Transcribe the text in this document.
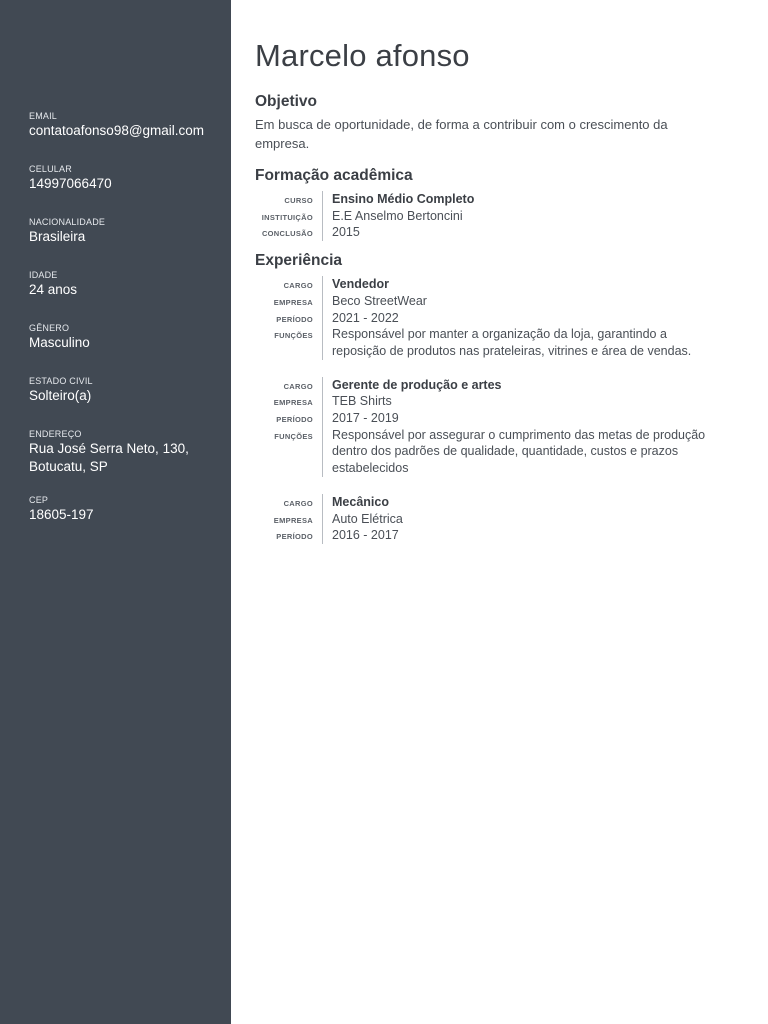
EMAIL
contatoafonso98@gmail.com
CELULAR
14997066470
NACIONALIDADE
Brasileira
IDADE
24 anos
GÊNERO
Masculino
ESTADO CIVIL
Solteiro(a)
ENDEREÇO
Rua José Serra Neto, 130, Botucatu, SP
CEP
18605-197
Marcelo afonso
Objetivo

Em busca de oportunidade, de forma a contribuir com o crescimento da empresa.

Formação acadêmica
CURSO	Ensino Médio Completo
INSTITUIÇÃO	E.E Anselmo Bertoncini
CONCLUSÃO	2015
Experiência
CARGO	Vendedor
EMPRESA	Beco StreetWear
PERÍODO	2021 - 2022
FUNÇÕES	Responsável por manter a organização da loja, garantindo a reposição de produtos nas prateleiras, vitrines e área de vendas.
CARGO	Gerente de produção e artes
EMPRESA	TEB Shirts
PERÍODO	2017 - 2019
FUNÇÕES	Responsável por assegurar o cumprimento das metas de produção dentro dos padrões de qualidade, quantidade, custos e prazos estabelecidos
CARGO	Mecânico
EMPRESA	Auto Elétrica
PERÍODO	2016 - 2017
